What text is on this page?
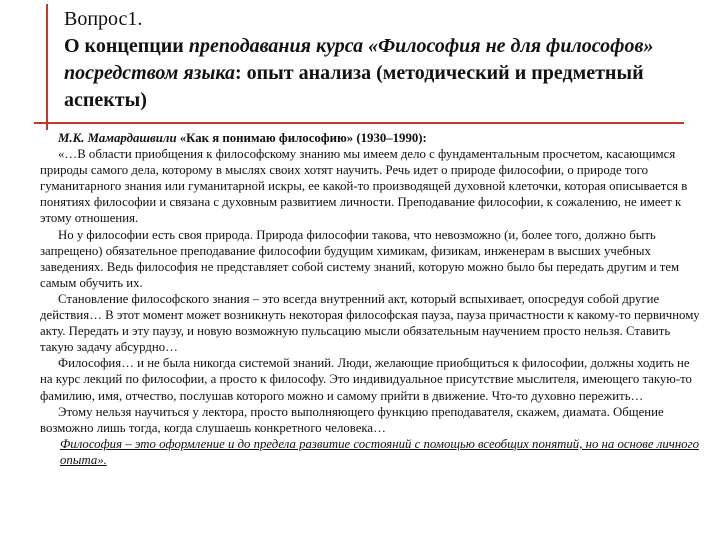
Вопрос1.
О концепции преподавания курса «Философия не для философов» посредством языка: опыт анализа (методический и предметный аспекты)

М.К. Мамардашвили «Как я понимаю философию» (1930–1990):

«…В области приобщения к философскому знанию мы имеем дело с фундаментальным просчетом, касающимся природы самого дела, которому в мыслях своих хотят научить. Речь идет о природе философии, о природе того гуманитарного знания или гуманитарной искры, ее какой-то производящей духовной клеточки, которая описывается в понятиях философии и связана с духовным развитием личности. Преподавание философии, к сожалению, не имеет к этому отношения.

Но у философии есть своя природа. Природа философии такова, что невозможно (и, более того, должно быть запрещено) обязательное преподавание философии будущим химикам, физикам, инженерам в высших учебных заведениях. Ведь философия не представляет собой систему знаний, которую можно было бы передать другим и тем самым обучить их.

Становление философского знания – это всегда внутренний акт, который вспыхивает, опосредуя собой другие действия… В этот момент может возникнуть некоторая философская пауза, пауза причастности к какому-то первичному акту. Передать и эту паузу, и новую возможную пульсацию мысли обязательным научением просто нельзя. Ставить такую задачу абсурдно…

Философия… и не была никогда системой знаний. Люди, желающие приобщиться к философии, должны ходить не на курс лекций по философии, а просто к философу. Это индивидуальное присутствие мыслителя, имеющего такую-то фамилию, имя, отчество, послушав которого можно и самому прийти в движение. Что-то духовно пережить…

Этому нельзя научиться у лектора, просто выполняющего функцию преподавателя, скажем, диамата. Общение возможно лишь тогда, когда слушаешь конкретного человека…

Философия – это оформление и до предела развитие состояний с помощью всеобщих понятий, но на основе личного опыта».
